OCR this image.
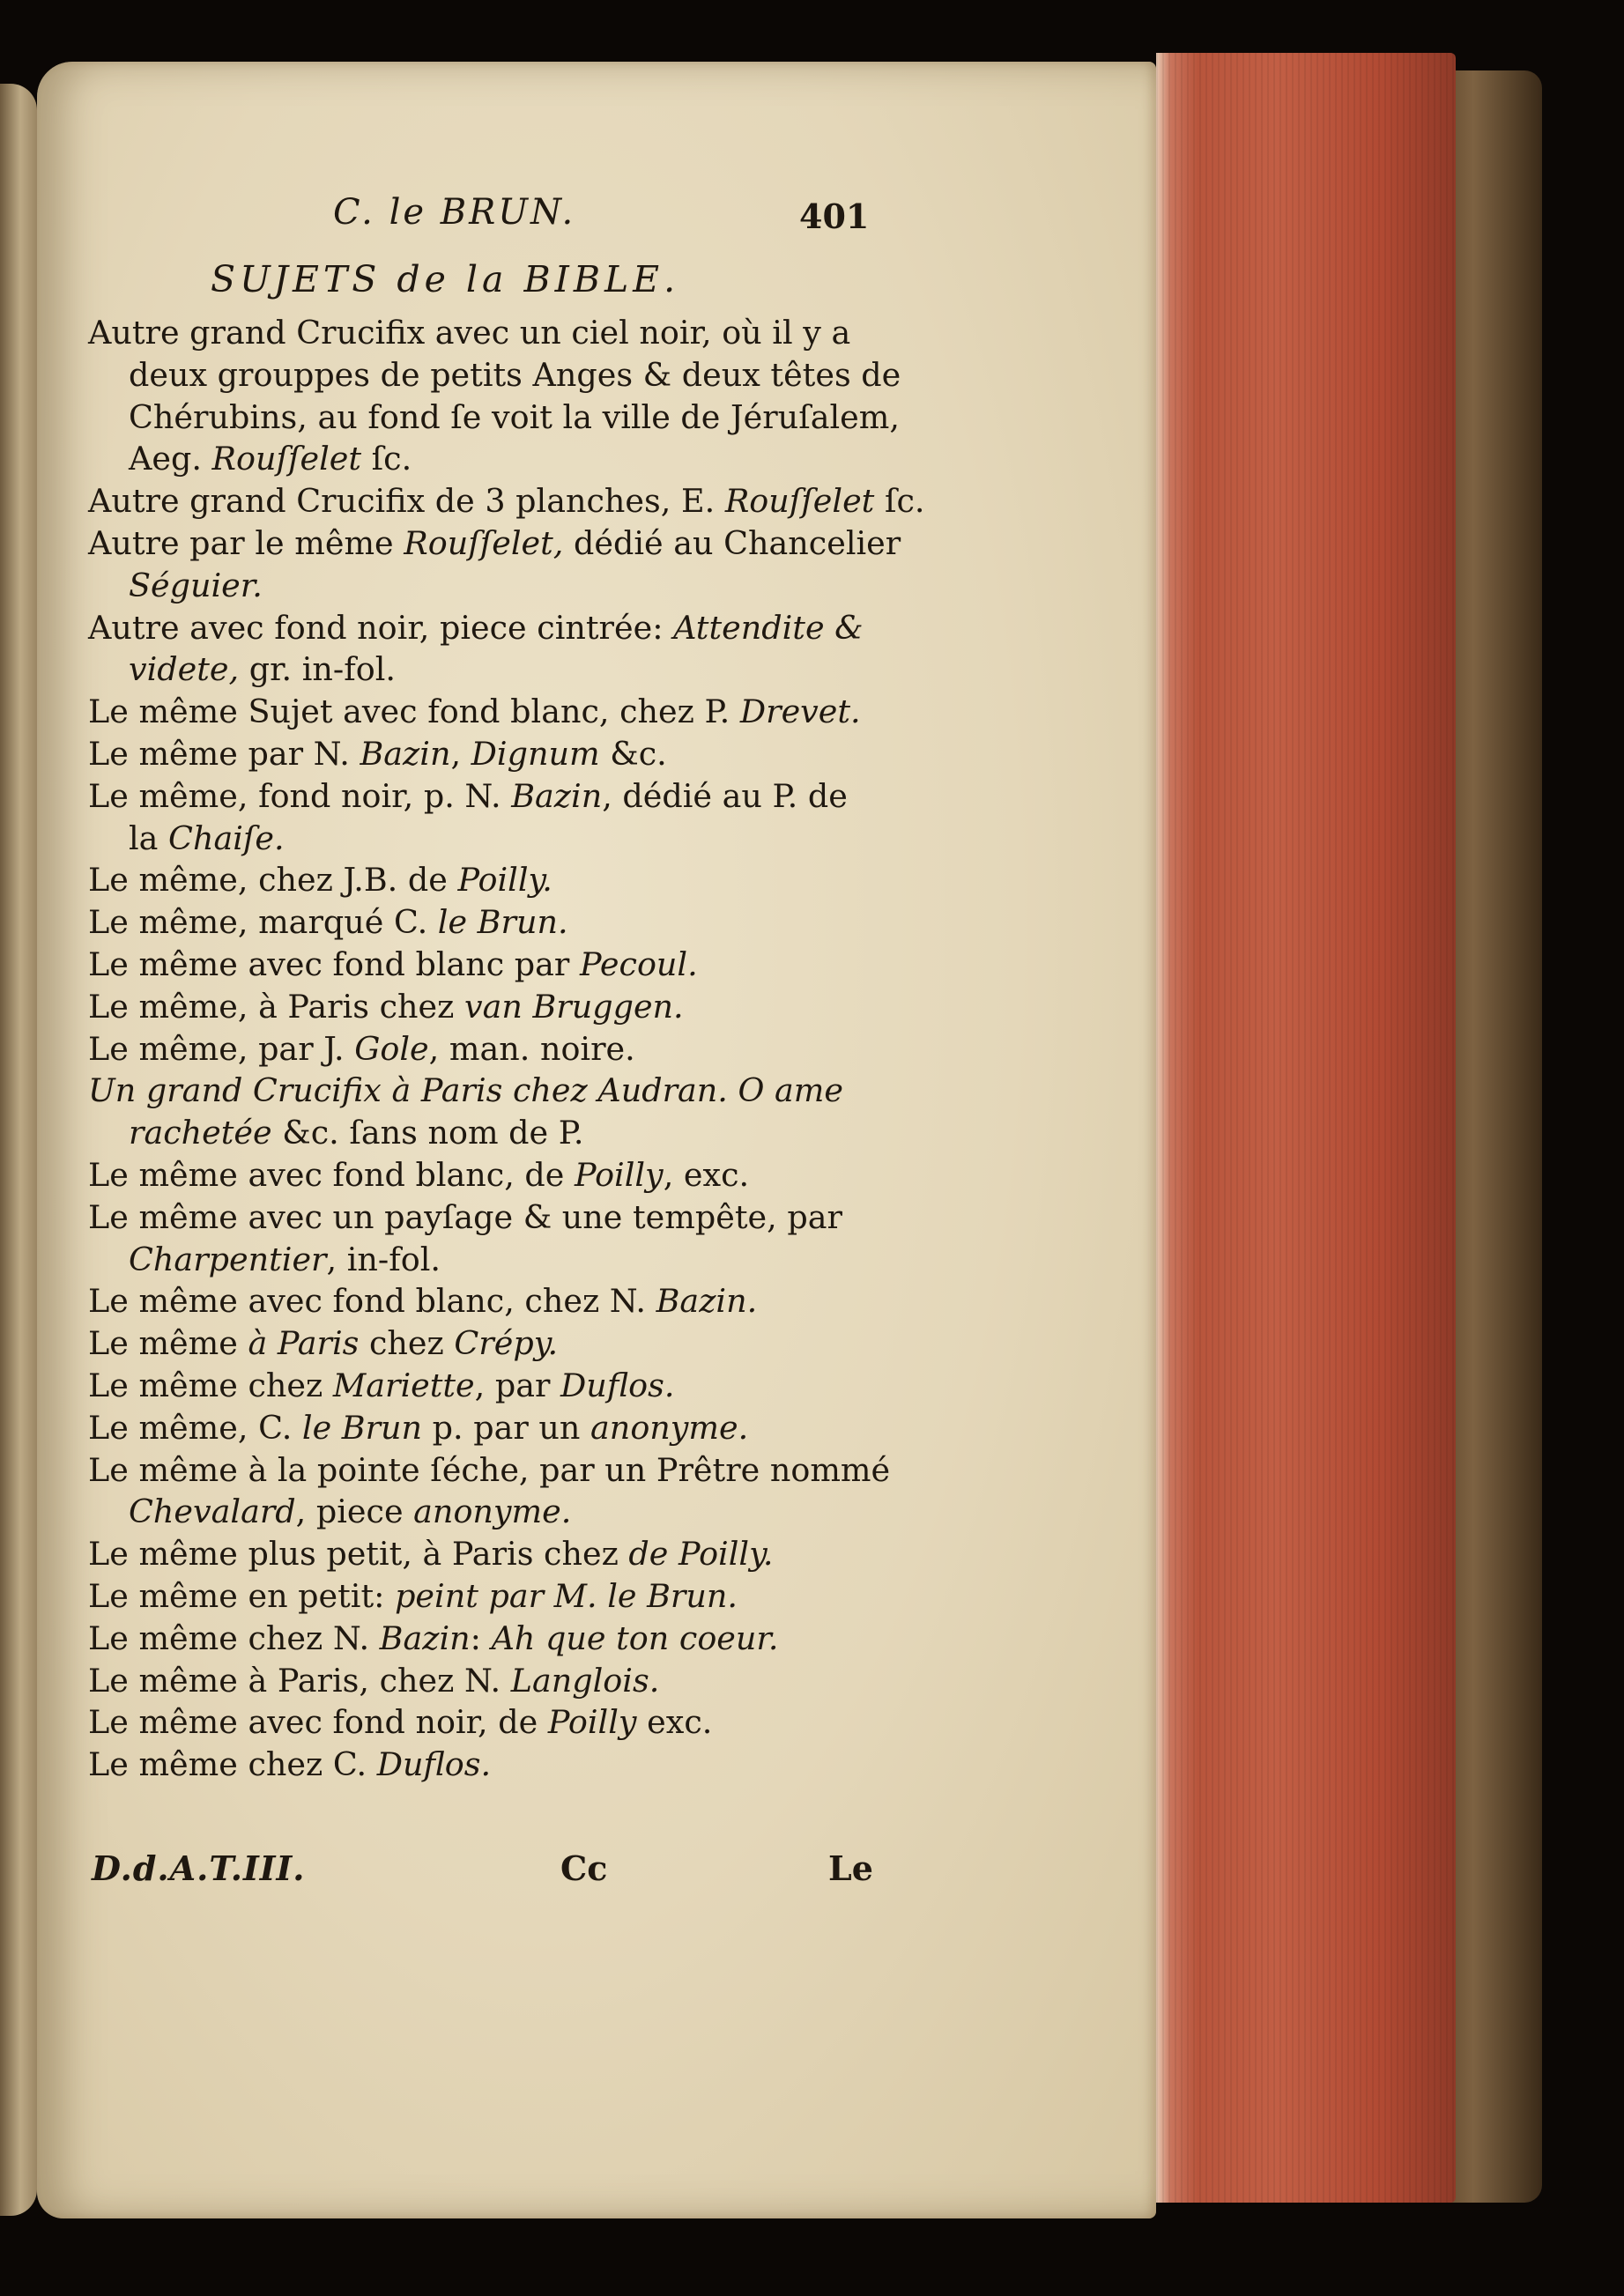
C. le BRUN.	401
SUJETS de la BIBLE.
Autre grand Crucifix avec un ciel noir, où il y a
deux grouppes de petits Anges & deux têtes de
Chérubins, au fond ſe voit la ville de Jéruſalem,
Aeg. Rouſſelet ſc.
Autre grand Crucifix de 3 planches, E. Rouſſelet ſc.
Autre par le même Rouſſelet, dédié au Chancelier
Séguier.
Autre avec fond noir, piece cintrée: Attendite &
videte, gr. in-fol.
Le même Sujet avec fond blanc, chez P. Drevet.
Le même par N. Bazin, Dignum &c.
Le même, fond noir, p. N. Bazin, dédié au P. de
la Chaiſe.
Le même, chez J.B. de Poilly.
Le même, marqué C. le Brun.
Le même avec fond blanc par Pecoul.
Le même, à Paris chez van Bruggen.
Le même, par J. Gole, man. noire.
Un grand Crucifix à Paris chez Audran. O ame
rachetée &c. ſans nom de P.
Le même avec fond blanc, de Poilly, exc.
Le même avec un payſage & une tempête, par
Charpentier, in-fol.
Le même avec fond blanc, chez N. Bazin.
Le même à Paris chez Crépy.
Le même chez Mariette, par Duflos.
Le même, C. le Brun p. par un anonyme.
Le même à la pointe ſéche, par un Prêtre nommé
Chevalard, piece anonyme.
Le même plus petit, à Paris chez de Poilly.
Le même en petit: peint par M. le Brun.
Le même chez N. Bazin: Ah que ton coeur.
Le même à Paris, chez N. Langlois.
Le même avec fond noir, de Poilly exc.
Le même chez C. Duflos.
D.d.A.T.III.	Cc	Le
